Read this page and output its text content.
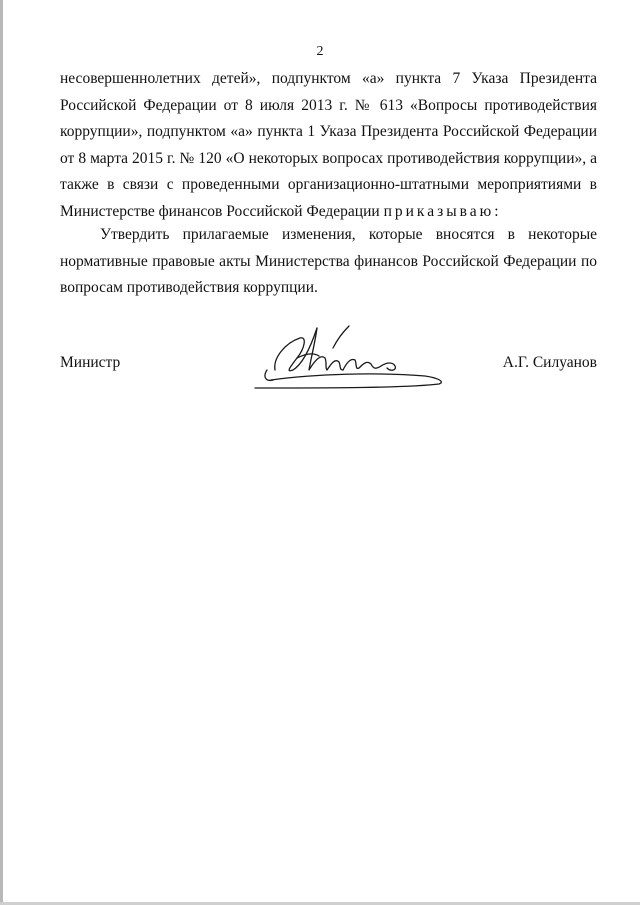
2

несовершеннолетних детей», подпунктом «а» пункта 7 Указа Президента Российской Федерации от 8 июля 2013 г. № 613 «Вопросы противодействия коррупции», подпунктом «а» пункта 1 Указа Президента Российской Федерации от 8 марта 2015 г. № 120 «О некоторых вопросах противодействия коррупции», а также в связи с проведенными организационно-штатными мероприятиями в Министерстве финансов Российской Федерации приказываю:

Утвердить прилагаемые изменения, которые вносятся в некоторые нормативные правовые акты Министерства финансов Российской Федерации по вопросам противодействия коррупции.

Министр	А.Г. Силуанов
